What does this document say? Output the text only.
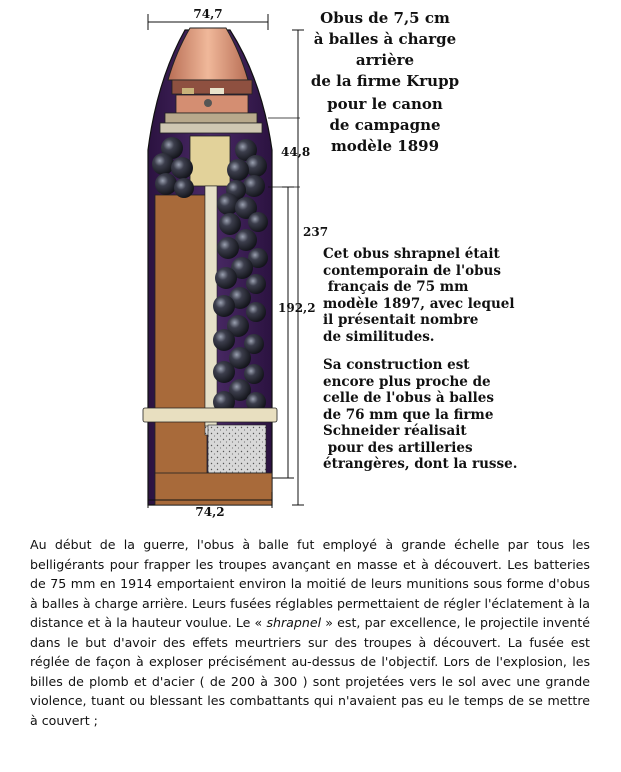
74,7
74,2
44,8
237
192,2
Obus de 7,5 cm
à balles à charge arrière
de la firme Krupp
pour le canon
de campagne
modèle 1899
Cet obus shrapnel était
contemporain de l'obus
français de 75 mm
modèle 1897, avec lequel
il présentait nombre
de similitudes.
Sa construction est
encore plus proche de
celle de l'obus à balles
de 76 mm que la firme
Schneider réalisait
pour des artilleries
étrangères, dont la russe.
Au début de la guerre, l'obus à balle fut employé à grande échelle par tous les belligérants pour frapper les troupes avançant en masse et à découvert. Les batteries de 75 mm en 1914 emportaient environ la moitié de leurs munitions sous forme d'obus à balles à charge arrière. Leurs fusées réglables permettaient de régler l'éclatement à la distance et à la hauteur voulue. Le « shrapnel » est, par excellence, le projectile inventé dans le but d'avoir des effets meurtriers sur des troupes à découvert. La fusée est réglée de façon à exploser précisément au-dessus de l'objectif. Lors de l'explosion, les billes de plomb et d'acier ( de 200 à 300 ) sont projetées vers le sol avec une grande violence, tuant ou blessant les combattants qui n'avaient pas eu le temps de se mettre à couvert ;
